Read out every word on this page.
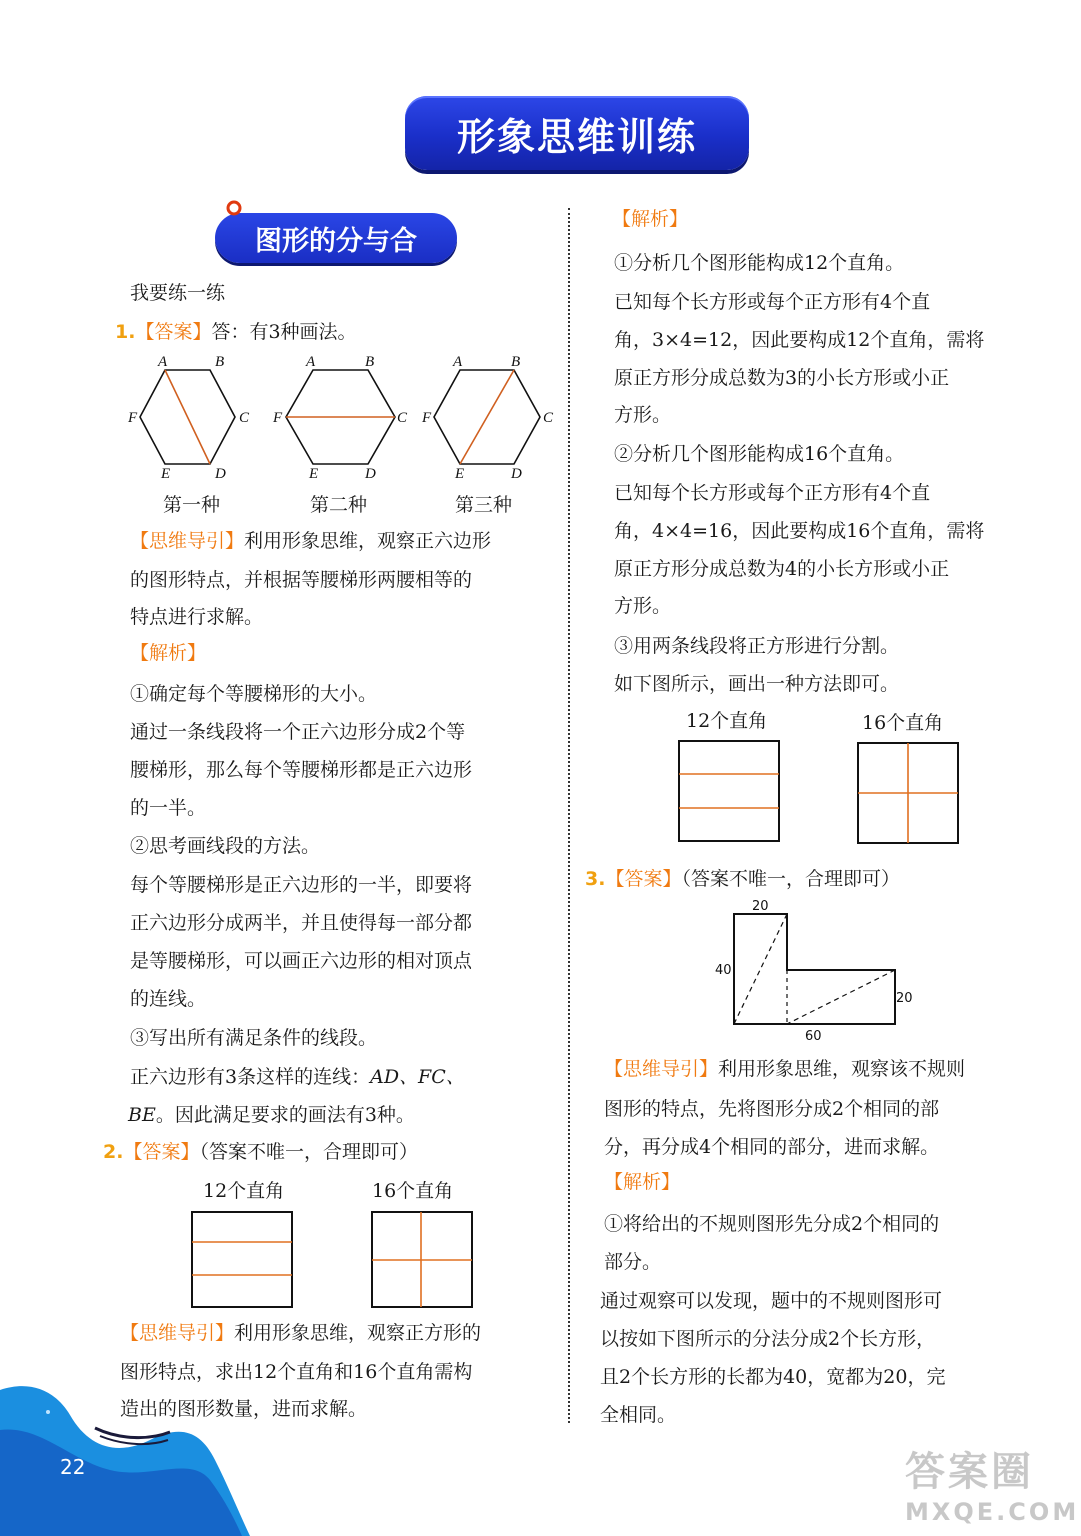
形象思维训练
图形的分与合
我要练一练
1.【答案】答：有3种画法。
A	B
C
D
E
F
A	B
C
D
E
F
A	B
C
D
E
F
第一种	第二种	第三种
【思维导引】利用形象思维，观察正六边形
的图形特点，并根据等腰梯形两腰相等的
特点进行求解。
【解析】
①确定每个等腰梯形的大小。
通过一条线段将一个正六边形分成2个等
腰梯形，那么每个等腰梯形都是正六边形
的一半。
②思考画线段的方法。
每个等腰梯形是正六边形的一半，即要将
正六边形分成两半，并且使得每一部分都
是等腰梯形，可以画正六边形的相对顶点
的连线。
③写出所有满足条件的线段。
正六边形有3条这样的连线：AD、FC、
BE。因此满足要求的画法有3种。
2.【答案】（答案不唯一，合理即可）
12个直角	16个直角
【思维导引】利用形象思维，观察正方形的
图形特点，求出12个直角和16个直角需构
造出的图形数量，进而求解。
【解析】
①分析几个图形能构成12个直角。
已知每个长方形或每个正方形有4个直
角，3×4=12，因此要构成12个直角，需将
原正方形分成总数为3的小长方形或小正
方形。
②分析几个图形能构成16个直角。
已知每个长方形或每个正方形有4个直
角，4×4=16，因此要构成16个直角，需将
原正方形分成总数为4的小长方形或小正
方形。
③用两条线段将正方形进行分割。
如下图所示，画出一种方法即可。
12个直角	16个直角
3.【答案】（答案不唯一，合理即可）
20
40
20
60
【思维导引】利用形象思维，观察该不规则
图形的特点，先将图形分成2个相同的部
分，再分成4个相同的部分，进而求解。
【解析】
①将给出的不规则图形先分成2个相同的
部分。
通过观察可以发现，题中的不规则图形可
以按如下图所示的分法分成2个长方形，
且2个长方形的长都为40，宽都为20，完
全相同。
22	答案圈
MXQE.COM
